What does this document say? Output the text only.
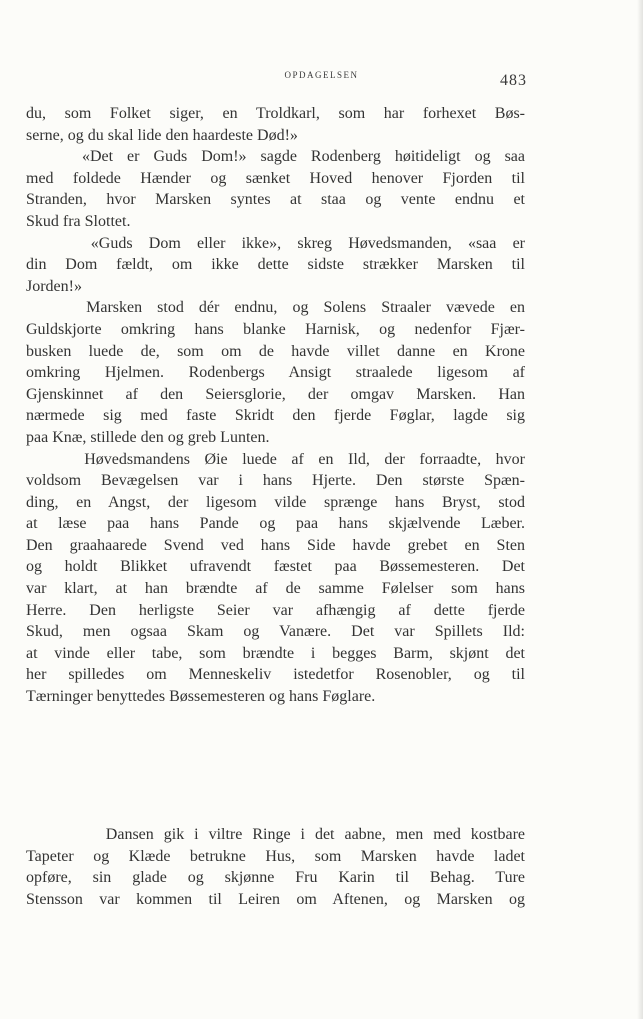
OPDAGELSEN	483
du, som Folket siger, en Troldkarl, som har forhexet Bøs-
serne, og du skal lide den haardeste Død!»
«Det er Guds Dom!» sagde Rodenberg høitideligt og saa
med foldede Hænder og sænket Hoved henover Fjorden til
Stranden, hvor Marsken syntes at staa og vente endnu et
Skud fra Slottet.
«Guds Dom eller ikke», skreg Høvedsmanden, «saa er
din Dom fældt, om ikke dette sidste strækker Marsken til
Jorden!»
Marsken stod dér endnu, og Solens Straaler vævede en
Guldskjorte omkring hans blanke Harnisk, og nedenfor Fjær-
busken luede de, som om de havde villet danne en Krone
omkring Hjelmen. Rodenbergs Ansigt straalede ligesom af
Gjenskinnet af den Seiersglorie, der omgav Marsken. Han
nærmede sig med faste Skridt den fjerde Føglar, lagde sig
paa Knæ, stillede den og greb Lunten.
Høvedsmandens Øie luede af en Ild, der forraadte, hvor
voldsom Bevægelsen var i hans Hjerte. Den største Spæn-
ding, en Angst, der ligesom vilde sprænge hans Bryst, stod
at læse paa hans Pande og paa hans skjælvende Læber.
Den graahaarede Svend ved hans Side havde grebet en Sten
og holdt Blikket ufravendt fæstet paa Bøssemesteren. Det
var klart, at han brændte af de samme Følelser som hans
Herre. Den herligste Seier var afhængig af dette fjerde
Skud, men ogsaa Skam og Vanære. Det var Spillets Ild:
at vinde eller tabe, som brændte i begges Barm, skjønt det
her spilledes om Menneskeliv istedetfor Rosenobler, og til
Tærninger benyttedes Bøssemesteren og hans Føglare.
Dansen gik i viltre Ringe i det aabne, men med kostbare
Tapeter og Klæde betrukne Hus, som Marsken havde ladet
opføre, sin glade og skjønne Fru Karin til Behag. Ture
Stensson var kommen til Leiren om Aftenen, og Marsken og
